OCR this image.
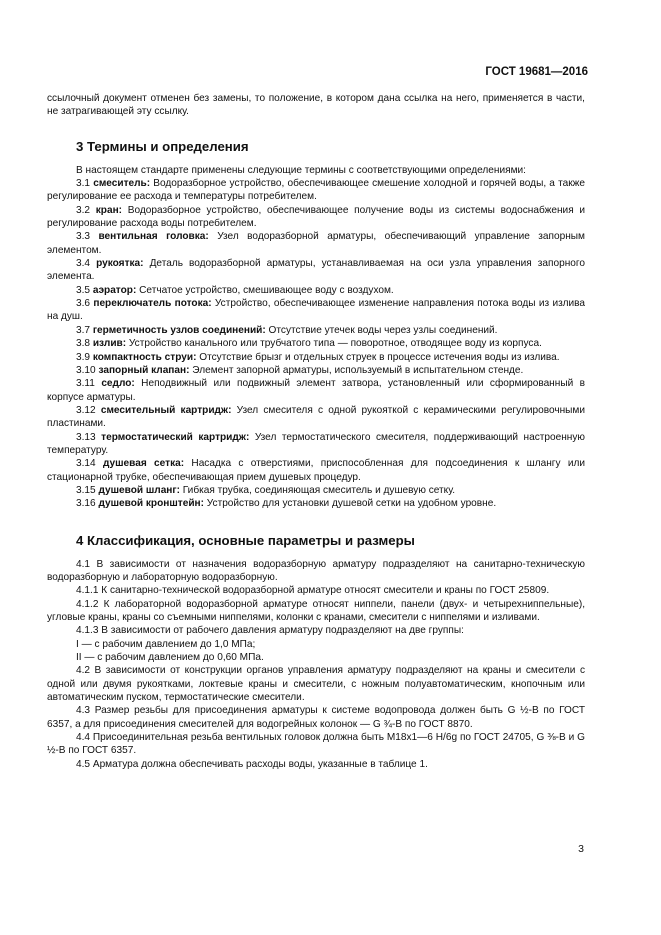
ГОСТ 19681—2016

ссылочный документ отменен без замены, то положение, в котором дана ссылка на него, применяется в части, не затрагивающей эту ссылку.

3 Термины и определения

В настоящем стандарте применены следующие термины с соответствующими определениями:

3.1 смеситель: Водоразборное устройство, обеспечивающее смешение холодной и горячей воды, а также регулирование ее расхода и температуры потребителем.

3.2 кран: Водоразборное устройство, обеспечивающее получение воды из системы водоснабжения и регулирование расхода воды потребителем.

3.3 вентильная головка: Узел водоразборной арматуры, обеспечивающий управление запорным элементом.

3.4 рукоятка: Деталь водоразборной арматуры, устанавливаемая на оси узла управления запорного элемента.

3.5 аэратор: Сетчатое устройство, смешивающее воду с воздухом.

3.6 переключатель потока: Устройство, обеспечивающее изменение направления потока воды из излива на душ.

3.7 герметичность узлов соединений: Отсутствие утечек воды через узлы соединений.

3.8 излив: Устройство канального или трубчатого типа — поворотное, отводящее воду из корпуса.

3.9 компактность струи: Отсутствие брызг и отдельных струек в процессе истечения воды из излива.

3.10 запорный клапан: Элемент запорной арматуры, используемый в испытательном стенде.

3.11 седло: Неподвижный или подвижный элемент затвора, установленный или сформированный в корпусе арматуры.

3.12 смесительный картридж: Узел смесителя с одной рукояткой с керамическими регулировочными пластинами.

3.13 термостатический картридж: Узел термостатического смесителя, поддерживающий настроенную температуру.

3.14 душевая сетка: Насадка с отверстиями, приспособленная для подсоединения к шлангу или стационарной трубке, обеспечивающая прием душевых процедур.

3.15 душевой шланг: Гибкая трубка, соединяющая смеситель и душевую сетку.

3.16 душевой кронштейн: Устройство для установки душевой сетки на удобном уровне.

4 Классификация, основные параметры и размеры

4.1 В зависимости от назначения водоразборную арматуру подразделяют на санитарно-техническую водоразборную и лабораторную водоразборную.

4.1.1 К санитарно-технической водоразборной арматуре относят смесители и краны по ГОСТ 25809.

4.1.2 К лабораторной водоразборной арматуре относят ниппели, панели (двух- и четырехниппельные), угловые краны, краны со съемными ниппелями, колонки с кранами, смесители с ниппелями и изливами.

4.1.3 В зависимости от рабочего давления арматуру подразделяют на две группы:

I — с рабочим давлением до 1,0 МПа;

II — с рабочим давлением до 0,60 МПа.

4.2 В зависимости от конструкции органов управления арматуру подразделяют на краны и смесители с одной или двумя рукоятками, локтевые краны и смесители, с ножным полуавтоматическим, кнопочным или автоматическим пуском, термостатические смесители.

4.3 Размер резьбы для присоединения арматуры к системе водопровода должен быть G ½-B по ГОСТ 6357, а для присоединения смесителей для водогрейных колонок — G ¾-B по ГОСТ 8870.

4.4 Присоединительная резьба вентильных головок должна быть M18x1—6 H/6g по ГОСТ 24705, G ⅜-B и G ½-B по ГОСТ 6357.

4.5 Арматура должна обеспечивать расходы воды, указанные в таблице 1.

3
